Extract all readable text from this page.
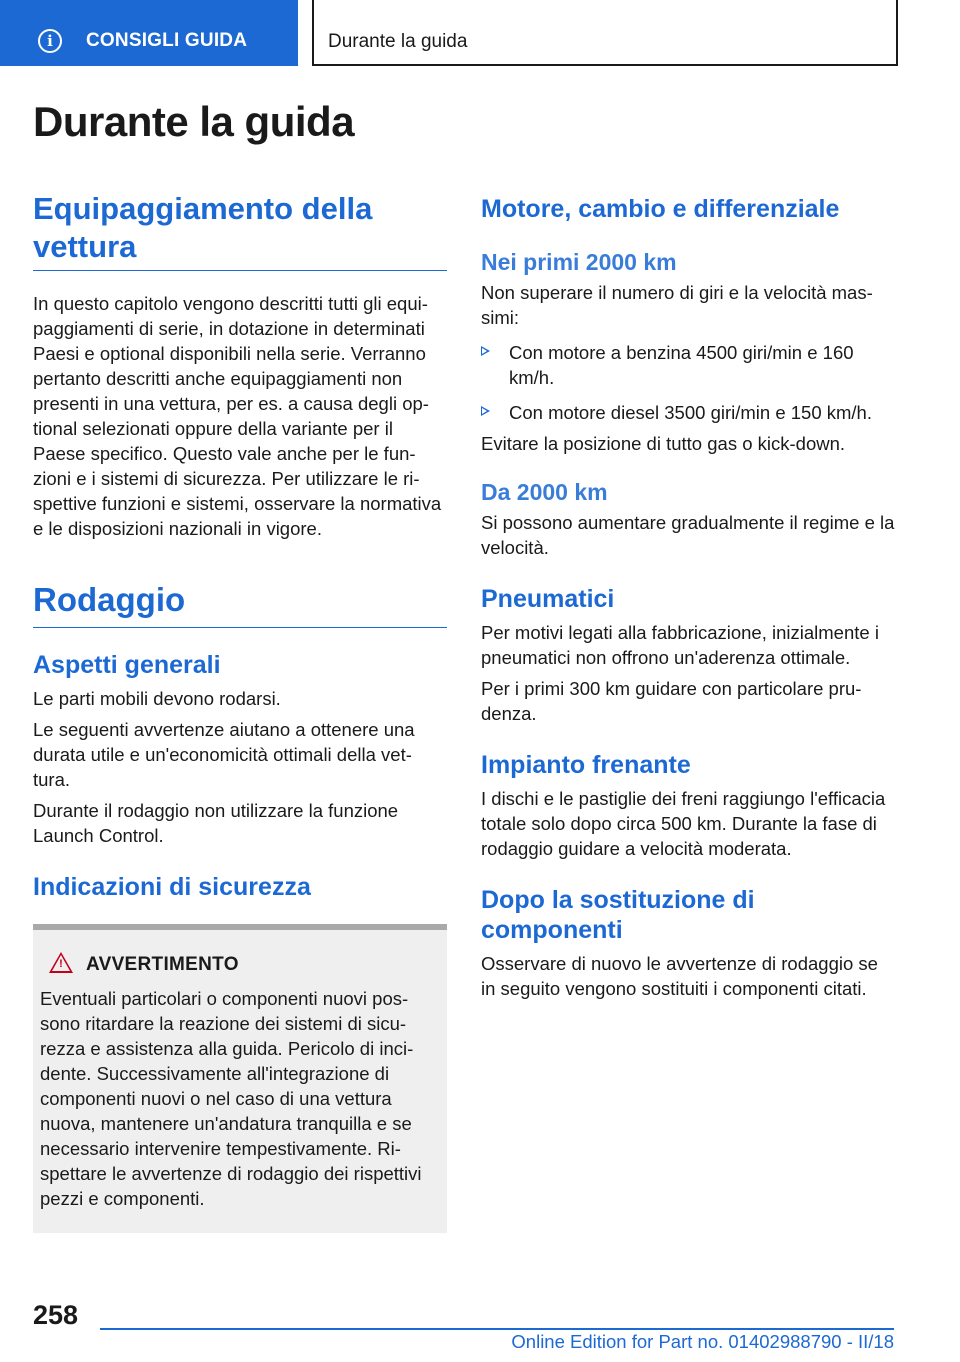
i	CONSIGLI GUIDA	Durante la guida
Durante la guida
Equipaggiamento della vettura

In questo capitolo vengono descritti tutti gli equi-paggiamenti di serie, in dotazione in determinati Paesi e optional disponibili nella serie. Verranno pertanto descritti anche equipaggiamenti non presenti in una vettura, per es. a causa degli op-tional selezionati oppure della variante per il Paese specifico. Questo vale anche per le fun-zioni e i sistemi di sicurezza. Per utilizzare le ri-spettive funzioni e sistemi, osservare la normativa e le disposizioni nazionali in vigore.

Rodaggio
Aspetti generali

Le parti mobili devono rodarsi.

Le seguenti avvertenze aiutano a ottenere una durata utile e un'economicità ottimali della vet-tura.

Durante il rodaggio non utilizzare la funzione Launch Control.

Indicazioni di sicurezza
! AVVERTIMENTO

Eventuali particolari o componenti nuovi pos-sono ritardare la reazione dei sistemi di sicu-rezza e assistenza alla guida. Pericolo di inci-dente. Successivamente all'integrazione di componenti nuovi o nel caso di una vettura nuova, mantenere un'andatura tranquilla e se necessario intervenire tempestivamente. Ri-spettare le avvertenze di rodaggio dei rispettivi pezzi e componenti.

Motore, cambio e differenziale
Nei primi 2000 km

Non superare il numero di giri e la velocità mas-simi:

Con motore a benzina 4500 giri/min e 160 km/h.

Con motore diesel 3500 giri/min e 150 km/h.

Evitare la posizione di tutto gas o kick-down.

Da 2000 km

Si possono aumentare gradualmente il regime e la velocità.

Pneumatici

Per motivi legati alla fabbricazione, inizialmente i pneumatici non offrono un'aderenza ottimale.

Per i primi 300 km guidare con particolare pru-denza.

Impianto frenante

I dischi e le pastiglie dei freni raggiungo l'efficacia totale solo dopo circa 500 km. Durante la fase di rodaggio guidare a velocità moderata.

Dopo la sostituzione di componenti

Osservare di nuovo le avvertenze di rodaggio se in seguito vengono sostituiti i componenti citati.

258
Online Edition for Part no. 01402988790 - II/18
